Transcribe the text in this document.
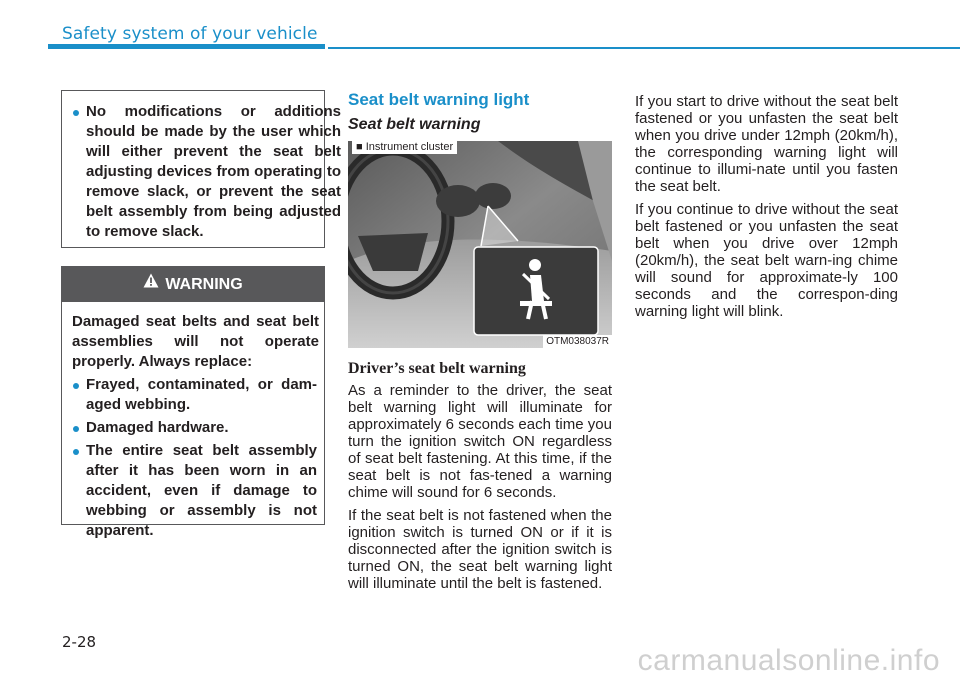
Safety system of your vehicle
No modifications or additions should be made by the user which will either prevent the seat belt adjusting devices from operating to remove slack, or prevent the seat belt assembly from being adjusted to remove slack.
WARNING
Damaged seat belts and seat belt assemblies will not operate properly. Always replace:
Frayed, contaminated, or dam-aged webbing.
Damaged hardware.
The entire seat belt assembly after it has been worn in an accident, even if damage to webbing or assembly is not apparent.
Seat belt warning light
Seat belt warning
■ Instrument cluster
OTM038037R
Driver’s seat belt warning

As a reminder to the driver, the seat belt warning light will illuminate for approximately 6 seconds each time you turn the ignition switch ON regardless of seat belt fastening. At this time, if the seat belt is not fas-tened a warning chime will sound for 6 seconds.

If the seat belt is not fastened when the ignition switch is turned ON or if it is disconnected after the ignition switch is turned ON, the seat belt warning light will illuminate until the belt is fastened.

If you start to drive without the seat belt fastened or you unfasten the seat belt when you drive under 12mph (20km/h), the corresponding warning light will continue to illumi-nate until you fasten the seat belt.

If you continue to drive without the seat belt fastened or you unfasten the seat belt when you drive over 12mph (20km/h), the seat belt warn-ing chime will sound for approximate-ly 100 seconds and the correspon-ding warning light will blink.

2-28
carmanualsonline.info
